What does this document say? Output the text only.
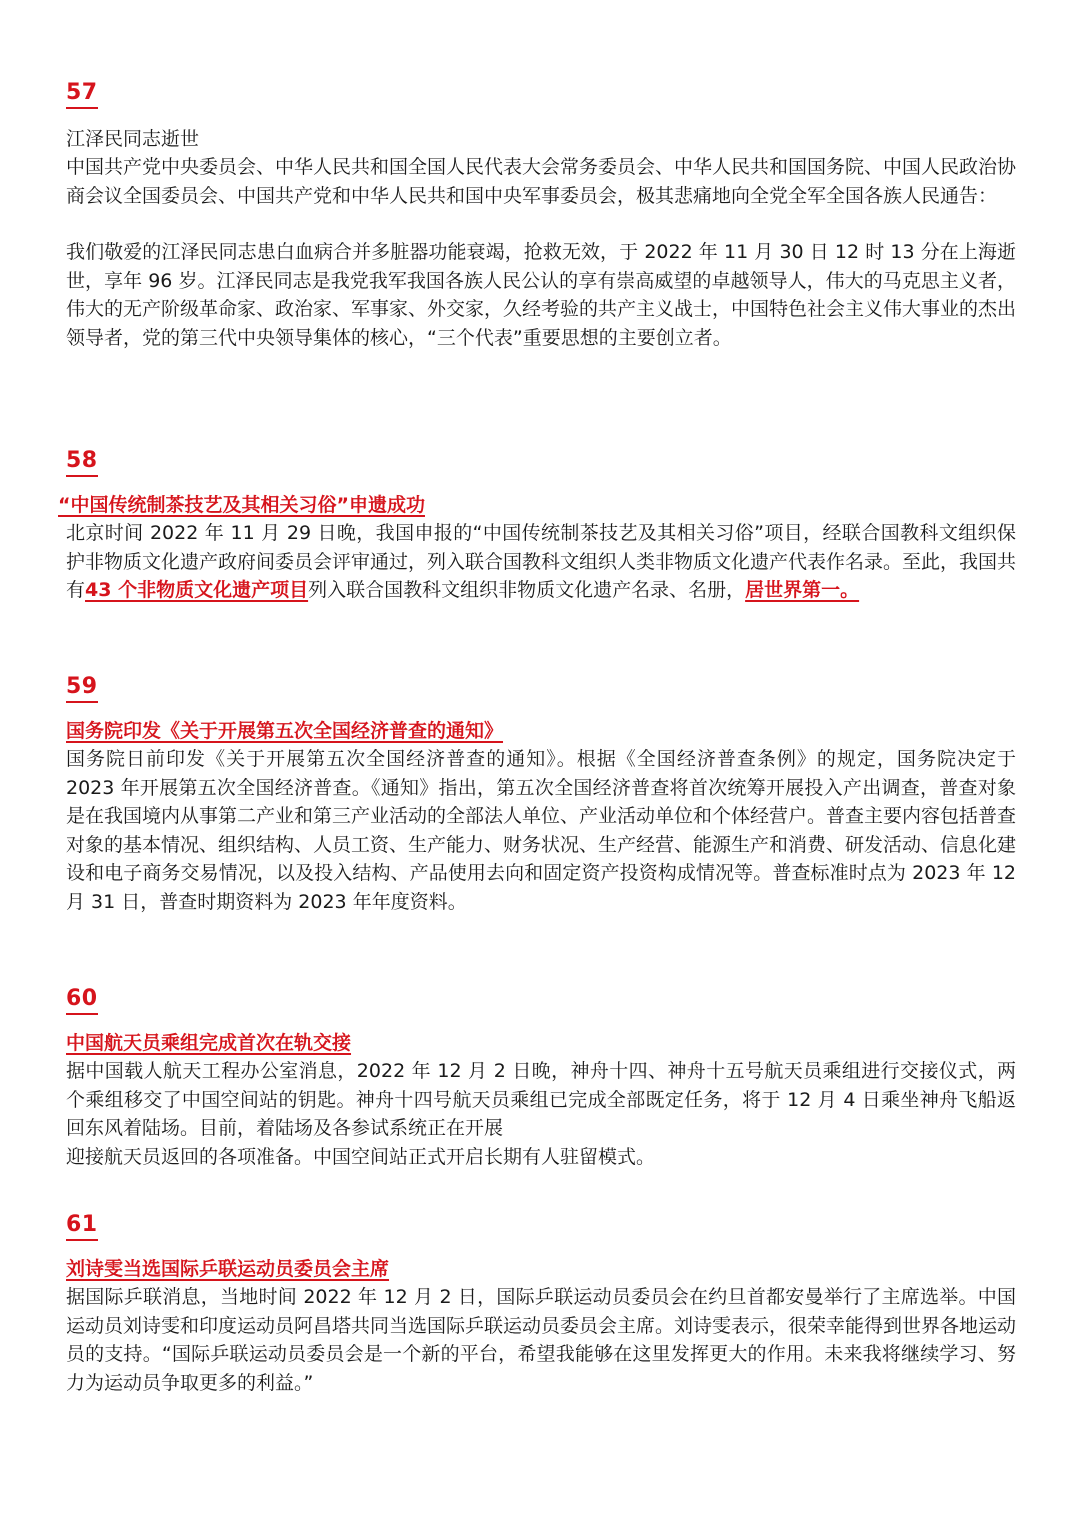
57
江泽民同志逝世

中国共产党中央委员会、中华人民共和国全国人民代表大会常务委员会、中华人民共和国国务院、中国人民政治协商会议全国委员会、中国共产党和中华人民共和国中央军事委员会，极其悲痛地向全党全军全国各族人民通告：

我们敬爱的江泽民同志患白血病合并多脏器功能衰竭，抢救无效，于 2022 年 11 月 30 日 12 时 13 分在上海逝世，享年 96 岁。江泽民同志是我党我军我国各族人民公认的享有崇高威望的卓越领导人，伟大的马克思主义者，伟大的无产阶级革命家、政治家、军事家、外交家，久经考验的共产主义战士，中国特色社会主义伟大事业的杰出领导者，党的第三代中央领导集体的核心，“三个代表”重要思想的主要创立者。

58
“中国传统制茶技艺及其相关习俗”申遗成功

北京时间 2022 年 11 月 29 日晚，我国申报的“中国传统制茶技艺及其相关习俗”项目，经联合国教科文组织保护非物质文化遗产政府间委员会评审通过，列入联合国教科文组织人类非物质文化遗产代表作名录。至此，我国共有43 个非物质文化遗产项目列入联合国教科文组织非物质文化遗产名录、名册，居世界第一。

59
国务院印发《关于开展第五次全国经济普查的通知》

国务院日前印发《关于开展第五次全国经济普查的通知》。根据《全国经济普查条例》的规定，国务院决定于 2023 年开展第五次全国经济普查。《通知》指出，第五次全国经济普查将首次统筹开展投入产出调查，普查对象是在我国境内从事第二产业和第三产业活动的全部法人单位、产业活动单位和个体经营户。普查主要内容包括普查对象的基本情况、组织结构、人员工资、生产能力、财务状况、生产经营、能源生产和消费、研发活动、信息化建设和电子商务交易情况，以及投入结构、产品使用去向和固定资产投资构成情况等。普查标准时点为 2023 年 12 月 31 日，普查时期资料为 2023 年年度资料。

60
中国航天员乘组完成首次在轨交接

据中国载人航天工程办公室消息，2022 年 12 月 2 日晚，神舟十四、神舟十五号航天员乘组进行交接仪式，两个乘组移交了中国空间站的钥匙。神舟十四号航天员乘组已完成全部既定任务，将于 12 月 4 日乘坐神舟飞船返回东风着陆场。目前，着陆场及各参试系统正在开展

迎接航天员返回的各项准备。中国空间站正式开启长期有人驻留模式。

61
刘诗雯当选国际乒联运动员委员会主席

据国际乒联消息，当地时间 2022 年 12 月 2 日，国际乒联运动员委员会在约旦首都安曼举行了主席选举。中国运动员刘诗雯和印度运动员阿昌塔共同当选国际乒联运动员委员会主席。刘诗雯表示，很荣幸能得到世界各地运动员的支持。“国际乒联运动员委员会是一个新的平台，希望我能够在这里发挥更大的作用。未来我将继续学习、努力为运动员争取更多的利益。”
